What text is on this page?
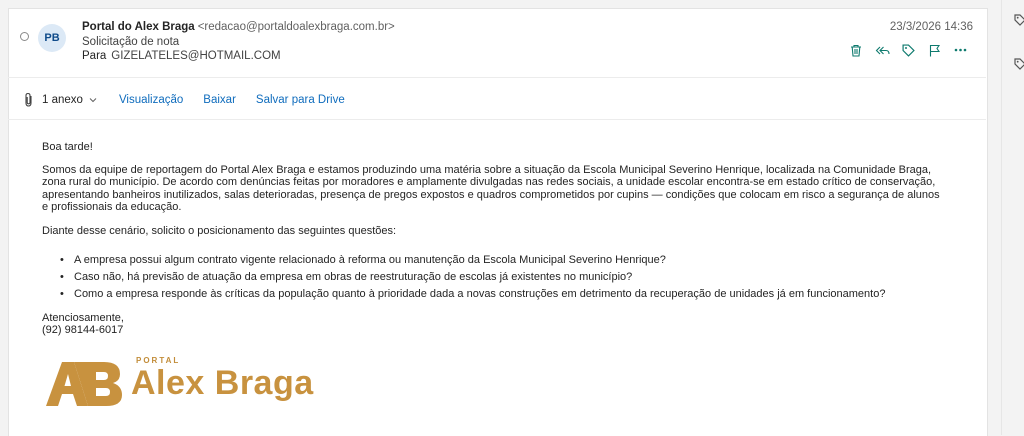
PB
Portal do Alex Braga <redacao@portaldoalexbraga.com.br>
Solicitação de nota
Para GIZELATELES@HOTMAIL.COM
23/3/2026 14:36
1 anexo	Visualização Baixar Salvar para Drive

Boa tarde!

Somos da equipe de reportagem do Portal Alex Braga e estamos produzindo uma matéria sobre a situação da Escola Municipal Severino Henrique, localizada na Comunidade Braga, zona rural do município. De acordo com denúncias feitas por moradores e amplamente divulgadas nas redes sociais, a unidade escolar encontra-se em estado crítico de conservação, apresentando banheiros inutilizados, salas deterioradas, presença de pregos expostos e quadros comprometidos por cupins — condições que colocam em risco a segurança de alunos e profissionais da educação.

Diante desse cenário, solicito o posicionamento das seguintes questões:

• A empresa possui algum contrato vigente relacionado à reforma ou manutenção da Escola Municipal Severino Henrique?
• Caso não, há previsão de atuação da empresa em obras de reestruturação de escolas já existentes no município?
• Como a empresa responde às críticas da população quanto à prioridade dada a novas construções em detrimento da recuperação de unidades já em funcionamento?

Atenciosamente,

(92) 98144-6017

PORTAL
Alex Braga
